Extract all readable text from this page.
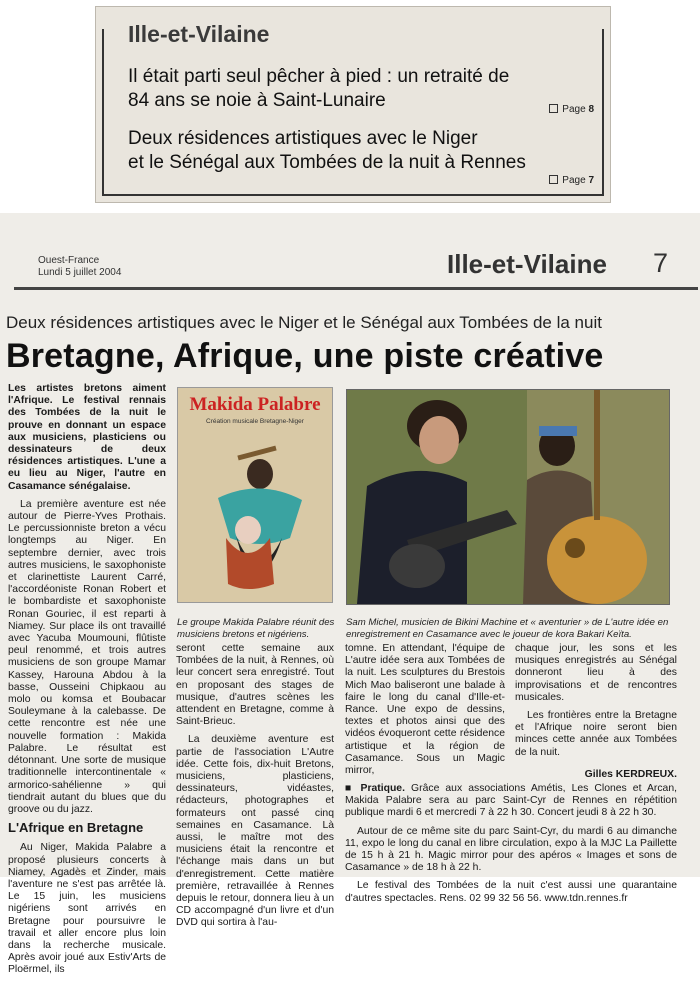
Ille-et-Vilaine
Il était parti seul pêcher à pied : un retraité de
84 ans se noie à Saint-Lunaire	Page 8
Deux résidences artistiques avec le Niger
et le Sénégal aux Tombées de la nuit à Rennes
Page 7
Ouest-France
Lundi 5 juillet 2004	Ille-et-Vilaine 7
Deux résidences artistiques avec le Niger et le Sénégal aux Tombées de la nuit
Bretagne, Afrique, une piste créative

Les artistes bretons aiment l'Afrique. Le festival rennais des Tombées de la nuit le prouve en donnant un espace aux musiciens, plasticiens ou dessinateurs de deux résidences artistiques. L'une a eu lieu au Niger, l'autre en Casamance sénégalaise.

La première aventure est née autour de Pierre-Yves Prothais. Le percussionniste breton a vécu longtemps au Niger. En septembre dernier, avec trois autres musiciens, le saxophoniste et clarinettiste Laurent Carré, l'accordéoniste Ronan Robert et le bombardiste et saxophoniste Ronan Gouriec, il est reparti à Niamey. Sur place ils ont travaillé avec Yacuba Moumouni, flûtiste peul renommé, et trois autres musiciens de son groupe Mamar Kassey, Harouna Abdou à la basse, Ousseini Chipkaou au molo ou komsa et Boubacar Souleymane à la calebasse. De cette rencontre est née une nouvelle formation : Makida Palabre. Le résultat est détonnant. Une sorte de musique traditionnelle intercontinentale « armorico-sahélienne » qui tiendrait autant du blues que du groove ou du jazz.

L'Afrique en Bretagne

Au Niger, Makida Palabre a proposé plusieurs concerts à Niamey, Agadès et Zinder, mais l'aventure ne s'est pas arrêtée là. Le 15 juin, les musiciens nigériens sont arrivés en Bretagne pour poursuivre le travail et aller encore plus loin dans la recherche musicale. Après avoir joué aux Estiv'Arts de Ploërmel, ils

Makida Palabre
Création musicale Bretagne-Niger
Le groupe Makida Palabre réunit des musiciens bretons et nigériens.
Sam Michel, musicien de Bikini Machine et « aventurier » de L'autre idée en enregistrement en Casamance avec le joueur de kora Bakari Keïta.

seront cette semaine aux Tombées de la nuit, à Rennes, où leur concert sera enregistré. Tout en proposant des stages de musique, d'autres scènes les attendent en Bretagne, comme à Saint-Brieuc.

La deuxième aventure est partie de l'association L'Autre idée. Cette fois, dix-huit Bretons, musiciens, plasticiens, dessinateurs, vidéastes, rédacteurs, photographes et formateurs ont passé cinq semaines en Casamance. Là aussi, le maître mot des musiciens était la rencontre et l'échange mais dans un but d'enregistrement. Cette matière première, retravaillée à Rennes depuis le retour, donnera lieu à un CD accompagné d'un livre et d'un DVD qui sortira à l'au-

tomne. En attendant, l'équipe de L'autre idée sera aux Tombées de la nuit. Les sculptures du Brestois Mich Mao baliseront une balade à faire le long du canal d'Ille-et-Rance. Une expo de dessins, textes et photos ainsi que des vidéos évoqueront cette résidence artistique et la région de Casamance. Sous un Magic mirror,

chaque jour, les sons et les musiques enregistrés au Sénégal donneront lieu à des improvisations et de rencontres musicales.

Les frontières entre la Bretagne et l'Afrique noire seront bien minces cette année aux Tombées de la nuit.

Gilles KERDREUX.

■ Pratique. Grâce aux associations Amétis, Les Clones et Arcan, Makida Palabre sera au parc Saint-Cyr de Rennes en répétition publique mardi 6 et mercredi 7 à 22 h 30. Concert jeudi 8 à 22 h 30.

Autour de ce même site du parc Saint-Cyr, du mardi 6 au dimanche 11, expo le long du canal en libre circulation, expo à la MJC La Paillette de 15 h à 21 h. Magic mirror pour des apéros « Images et sons de Casamance » de 18 h à 22 h.

Le festival des Tombées de la nuit c'est aussi une quarantaine d'autres spectacles. Rens. 02 99 32 56 56. www.tdn.rennes.fr
